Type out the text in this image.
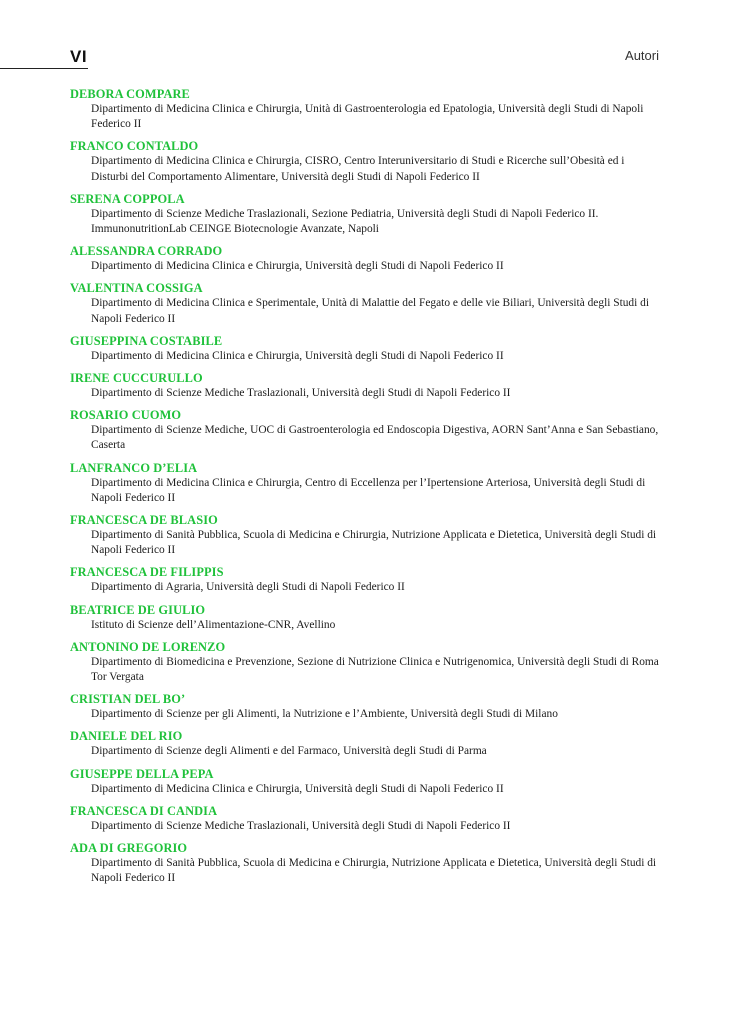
VI	Autori
DEBORA COMPARE
Dipartimento di Medicina Clinica e Chirurgia, Unità di Gastroenterologia ed Epatologia, Università degli Studi di Napoli Federico II
FRANCO CONTALDO
Dipartimento di Medicina Clinica e Chirurgia, CISRO, Centro Interuniversitario di Studi e Ricerche sull’Obesità ed i Disturbi del Comportamento Alimentare, Università degli Studi di Napoli Federico II
SERENA COPPOLA
Dipartimento di Scienze Mediche Traslazionali, Sezione Pediatria, Università degli Studi di Napoli Federico II. ImmunonutritionLab CEINGE Biotecnologie Avanzate, Napoli
ALESSANDRA CORRADO
Dipartimento di Medicina Clinica e Chirurgia, Università degli Studi di Napoli Federico II
VALENTINA COSSIGA
Dipartimento di Medicina Clinica e Sperimentale, Unità di Malattie del Fegato e delle vie Biliari, Università degli Studi di Napoli Federico II
GIUSEPPINA COSTABILE
Dipartimento di Medicina Clinica e Chirurgia, Università degli Studi di Napoli Federico II
IRENE CUCCURULLO
Dipartimento di Scienze Mediche Traslazionali, Università degli Studi di Napoli Federico II
ROSARIO CUOMO
Dipartimento di Scienze Mediche, UOC di Gastroenterologia ed Endoscopia Digestiva, AORN Sant’Anna e San Sebastiano, Caserta
LANFRANCO D’ELIA
Dipartimento di Medicina Clinica e Chirurgia, Centro di Eccellenza per l’Ipertensione Arteriosa, Università degli Studi di Napoli Federico II
FRANCESCA DE BLASIO
Dipartimento di Sanità Pubblica, Scuola di Medicina e Chirurgia, Nutrizione Applicata e Dietetica, Università degli Studi di Napoli Federico II
FRANCESCA DE FILIPPIS
Dipartimento di Agraria, Università degli Studi di Napoli Federico II
BEATRICE DE GIULIO
Istituto di Scienze dell’Alimentazione-CNR, Avellino
ANTONINO DE LORENZO
Dipartimento di Biomedicina e Prevenzione, Sezione di Nutrizione Clinica e Nutrigenomica, Università degli Studi di Roma Tor Vergata
CRISTIAN DEL BO’
Dipartimento di Scienze per gli Alimenti, la Nutrizione e l’Ambiente, Università degli Studi di Milano
DANIELE DEL RIO
Dipartimento di Scienze degli Alimenti e del Farmaco, Università degli Studi di Parma
GIUSEPPE DELLA PEPA
Dipartimento di Medicina Clinica e Chirurgia, Università degli Studi di Napoli Federico II
FRANCESCA DI CANDIA
Dipartimento di Scienze Mediche Traslazionali, Università degli Studi di Napoli Federico II
ADA DI GREGORIO
Dipartimento di Sanità Pubblica, Scuola di Medicina e Chirurgia, Nutrizione Applicata e Dietetica, Università degli Studi di Napoli Federico II
